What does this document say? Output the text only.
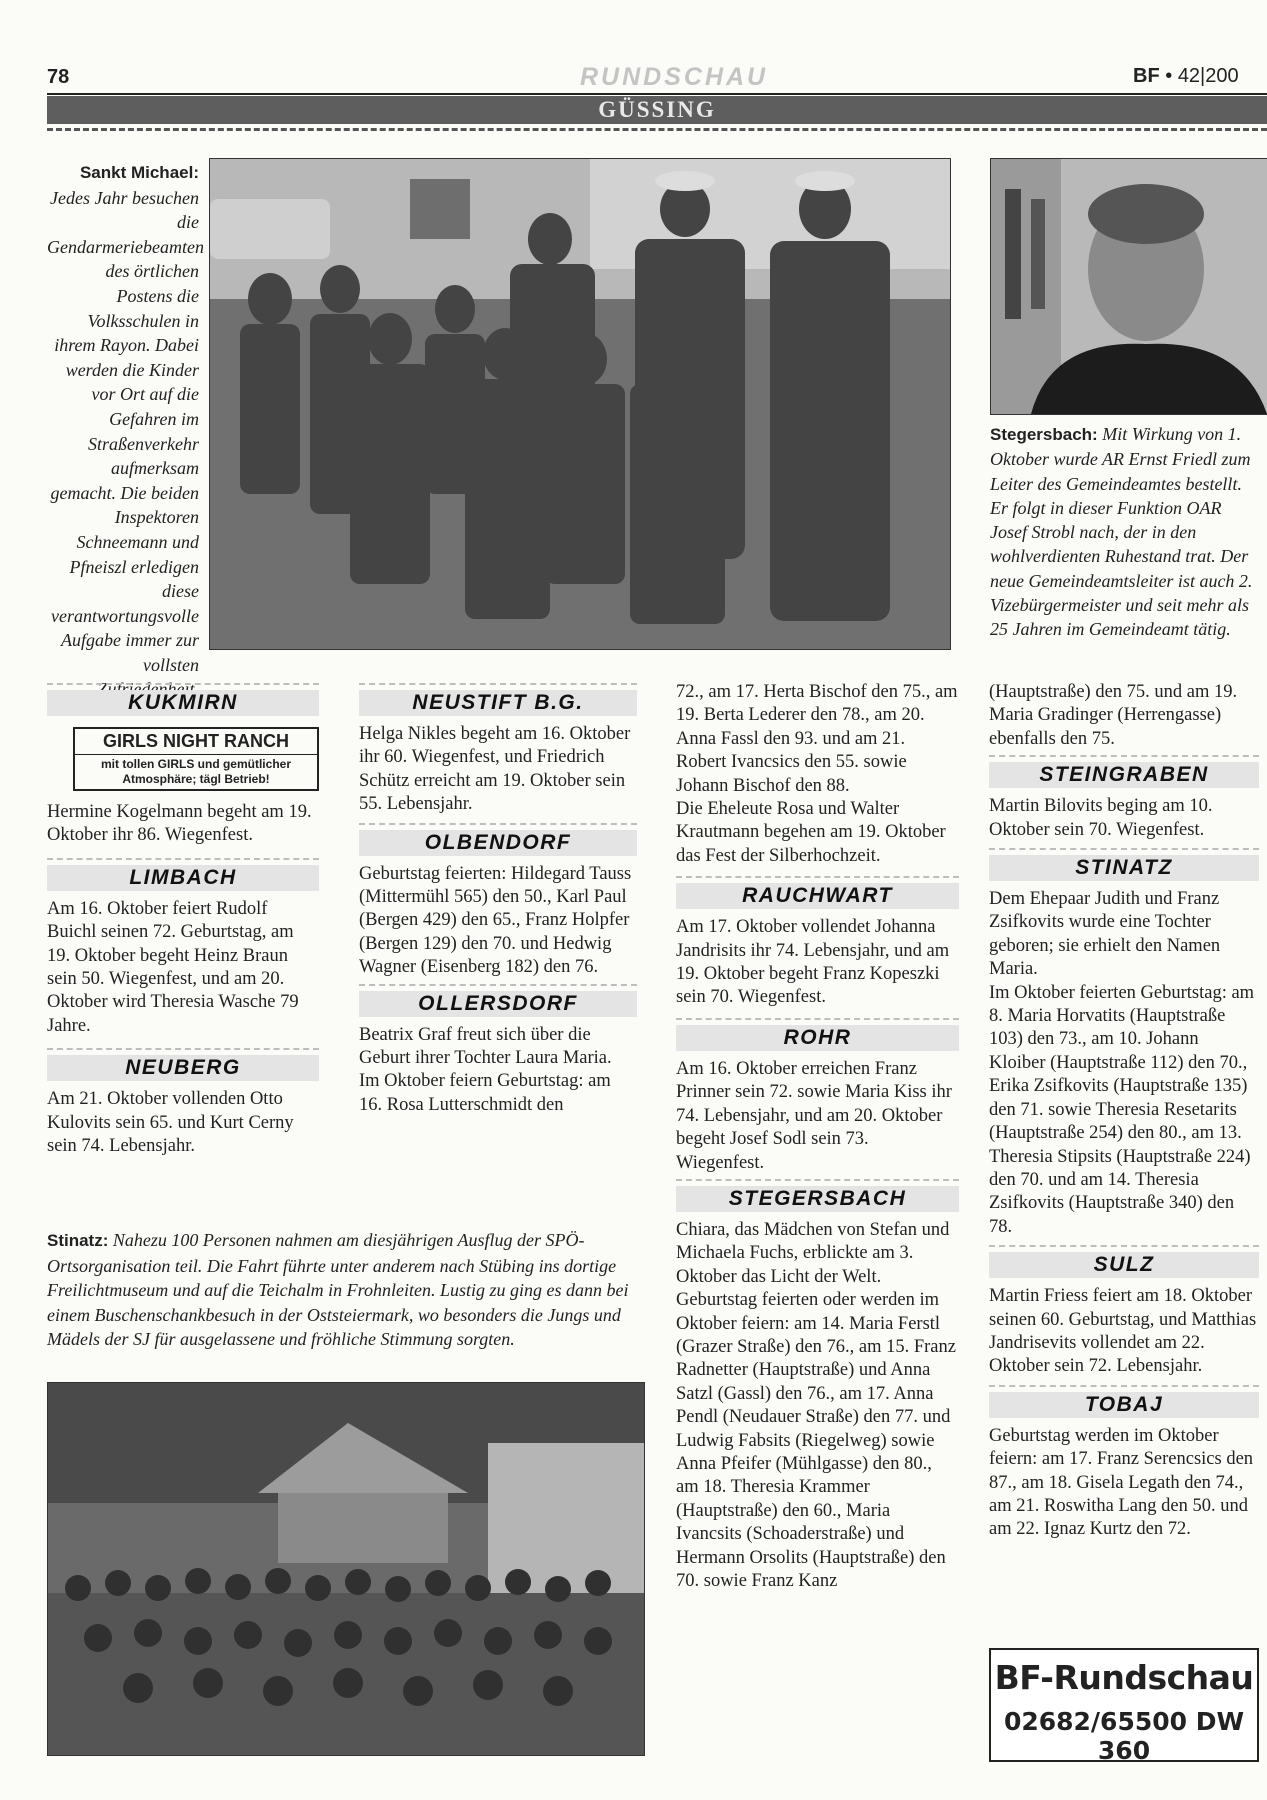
78	RUNDSCHAU	BF • 42|200
GÜSSING
Sankt Michael: Jedes Jahr besuchen die Gendarmeriebeamten des örtlichen Postens die Volksschulen in ihrem Rayon. Dabei werden die Kinder vor Ort auf die Gefahren im Straßenverkehr aufmerksam gemacht. Die beiden Inspektoren Schneemann und Pfneiszl erledigen diese verantwortungsvolle Aufgabe immer zur vollsten
Stegersbach: Mit Wirkung von 1. Oktober wurde AR Ernst Friedl zum Leiter des Gemeindeamtes bestellt. Er folgt in dieser Funktion OAR Josef Strobl nach, der in den wohlverdienten Ruhestand trat. Der neue Gemeindeamtsleiter ist auch 2. Vizebürgermeister und seit mehr als 25 Jahren im Gemeindeamt tätig.
KUKMIRN
GIRLS NIGHT RANCH
mit tollen GIRLS und gemütlicher Atmosphäre; tägl Betrieb!

Hermine Kogelmann begeht am 19. Oktober ihr 86. Wiegenfest.

LIMBACH

Am 16. Oktober feiert Rudolf Buichl seinen 72. Geburtstag, am 19. Oktober begeht Heinz Braun sein 50. Wiegenfest, und am 20. Oktober wird Theresia Wasche 79 Jahre.

NEUBERG

Am 21. Oktober vollenden Otto Kulovits sein 65. und Kurt Cerny sein 74. Lebensjahr.

NEUSTIFT B.G.

Helga Nikles begeht am 16. Oktober ihr 60. Wiegenfest, und Friedrich Schütz erreicht am 19. Oktober sein 55. Lebensjahr.

OLBENDORF

Geburtstag feierten: Hildegard Tauss (Mittermühl 565) den 50., Karl Paul (Bergen 429) den 65., Franz Holpfer (Bergen 129) den 70. und Hedwig Wagner (Eisenberg 182) den 76.

OLLERSDORF

Beatrix Graf freut sich über die Geburt ihrer Tochter Laura Maria.

Im Oktober feiern Geburtstag: am 16. Rosa Lutterschmidt den

Stinatz: Nahezu 100 Personen nahmen am diesjährigen Ausflug der SPÖ-Ortsorganisation teil. Die Fahrt führte unter anderem nach Stübing ins dortige Freilichtmuseum und auf die Teichalm in Frohnleiten. Lustig zu ging es dann bei einem Buschenschankbesuch in der Oststeiermark, wo besonders die Jungs und Mädels der SJ für ausgelassene und fröhliche Stimmung sorgten.

72., am 17. Herta Bischof den 75., am 19. Berta Lederer den 78., am 20. Anna Fassl den 93. und am 21. Robert Ivancsics den 55. sowie Johann Bischof den 88.

Die Eheleute Rosa und Walter Krautmann begehen am 19. Oktober das Fest der Silberhochzeit.

RAUCHWART

Am 17. Oktober vollendet Johanna Jandrisits ihr 74. Lebensjahr, und am 19. Oktober begeht Franz Kopeszki sein 70. Wiegenfest.

ROHR

Am 16. Oktober erreichen Franz Prinner sein 72. sowie Maria Kiss ihr 74. Lebensjahr, und am 20. Oktober begeht Josef Sodl sein 73. Wiegenfest.

STEGERSBACH

Chiara, das Mädchen von Stefan und Michaela Fuchs, erblickte am 3. Oktober das Licht der Welt.

Geburtstag feierten oder werden im Oktober feiern: am 14. Maria Ferstl (Grazer Straße) den 76., am 15. Franz Radnetter (Hauptstraße) und Anna Satzl (Gassl) den 76., am 17. Anna Pendl (Neudauer Straße) den 77. und Ludwig Fabsits (Riegelweg) sowie Anna Pfeifer (Mühlgasse) den 80., am 18. Theresia Krammer (Hauptstraße) den 60., Maria Ivancsits (Schoaderstraße) und Hermann Orsolits (Hauptstraße) den 70. sowie Franz Kanz

(Hauptstraße) den 75. und am 19. Maria Gradinger (Herrengasse) ebenfalls den 75.

STEINGRABEN

Martin Bilovits beging am 10. Oktober sein 70. Wiegenfest.

STINATZ

Dem Ehepaar Judith und Franz Zsifkovits wurde eine Tochter geboren; sie erhielt den Namen Maria.

Im Oktober feierten Geburtstag: am 8. Maria Horvatits (Hauptstraße 103) den 73., am 10. Johann Kloiber (Hauptstraße 112) den 70., Erika Zsifkovits (Hauptstraße 135) den 71. sowie Theresia Resetarits (Hauptstraße 254) den 80., am 13. Theresia Stipsits (Hauptstraße 224) den 70. und am 14. Theresia Zsifkovits (Hauptstraße 340) den 78.

SULZ

Martin Friess feiert am 18. Oktober seinen 60. Geburtstag, und Matthias Jandrisevits vollendet am 22. Oktober sein 72. Lebensjahr.

TOBAJ

Geburtstag werden im Oktober feiern: am 17. Franz Serencsics den 87., am 18. Gisela Legath den 74., am 21. Roswitha Lang den 50. und am 22. Ignaz Kurtz den 72.

BF-Rundschau
02682/65500 DW 360
